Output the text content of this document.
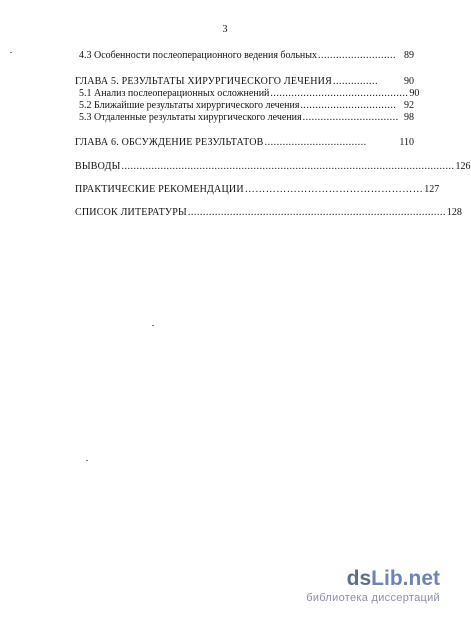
3
4.3 Особенности послеоперационного ведения больных .......................... 89
ГЛАВА 5. РЕЗУЛЬТАТЫ ХИРУРГИЧЕСКОГО ЛЕЧЕНИЯ ...............	90
5.1 Анализ послеоперационных осложнений .............................................. 90
5.2 Ближайшие результаты хирургического лечения ................................ 92
5.3 Отдаленные результаты хирургического лечения ................................ 98
ГЛАВА 6. ОБСУЖДЕНИЕ РЕЗУЛЬТАТОВ ..................................	110
ВЫВОДЫ ............................................................................................................... 126
ПРАКТИЧЕСКИЕ РЕКОМЕНДАЦИИ …………………………………………… 127
СПИСОК ЛИТЕРАТУРЫ ...................................................................................... 128
dsLib.net
библиотека диссертаций
